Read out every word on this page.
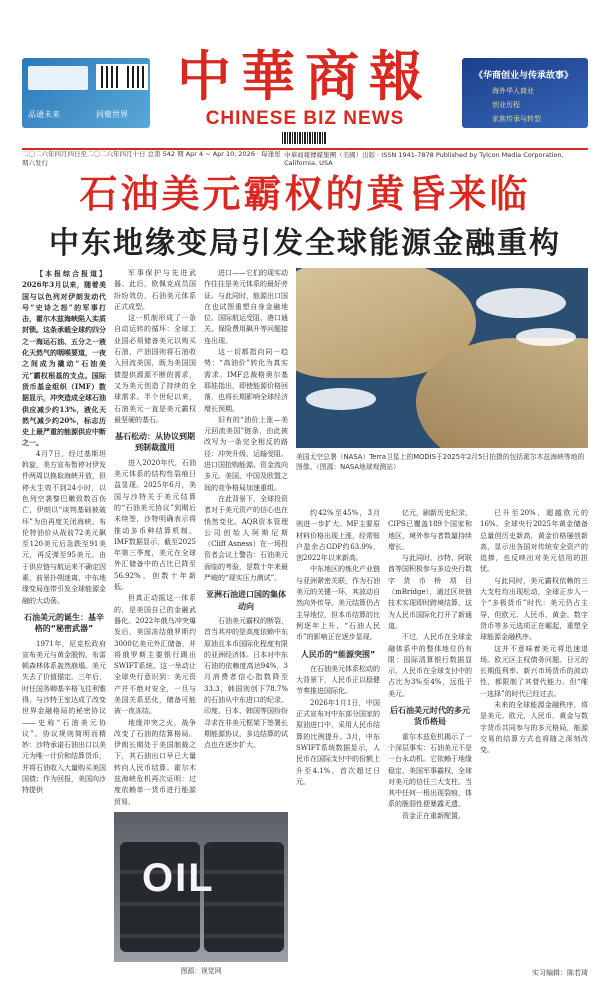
品通未来	同聚世界
中華商報
CHINESE BIZ NEWS
《华商创业与传承故事》
海外华人商业
创业历程
家族传承与转型
二〇二六年四月四日至二〇二六年四月十日 总第 542 期 Apr 4 ~ Apr 10, 2026 · 每逢星期六发行
中華商報傳媒集團（美國）出版 · ISSN 1941-7878 Published by Tylcon Media Corporation, California, USA
石油美元霸权的黄昏来临
中东地缘变局引发全球能源金融重构

【本报综合报道】2026年3月以来，随着美国与以色列对伊朗发动代号“史诗之怒”的军事打击，霍尔木兹海峡陷入实质封锁。这条承载全球约四分之一海运石油、五分之一液化天然气的咽喉要道，一夜之间成为撬动“石油美元”霸权根基的支点。国际货币基金组织（IMF）数据显示，冲突造成全球石油供应减少约13%，液化天然气减少约20%，标志历史上最严重的能源供应中断之一。

4月7日，经过基斯坦斡旋，美方宣布暂停对伊发件两周以换取海峡开放，但停火生效不到24小时，以色列空袭黎巴嫩致数百伤亡，伊朗以“谈判基础被破坏”为由再度关闭海峡。布伦特油价从战前72美元飙至120美元后急跌至91美元，再反弹至95美元。由于供应链与航运来不确定因素，前景扑朔迷离，中东地缘变局连带引发全球能源金融的大动荡。

石油美元的诞生：基辛格的“秘密武器”

1971年，尼克松政府宣布美元与黄金脱钩，布雷顿森林体系轰然崩塌。美元失去了价值锚定。三年后，时任国务卿基辛格飞往利雅得，与沙特王室达成了改变世界金融格局的秘密协议——史称“石油美元协议”。协议规则简明而精妙：沙特承诺石油出口以美元为唯一计价和结算货币，并将石油收入大量购买美国国债；作为回报，美国向沙特提供

军事保护与先进武器。此后，欧佩克成员国纷纷效仿，石油美元体系正式成型。

这一机制形成了一条自动运转的循环：全球工业国必须储备美元以购买石油，产油国则将石油收入回流美国，既为美国国债提供源源不断的需求，又为美元创造了持续的全球需求。半个世纪以来，石油美元一直是美元霸权最坚硬的基石。

基石松动：从协议到期到制裁滥用

进入2020年代，石油美元体系的结构性裂痕日益显现。2025年6月，美国与沙特关于美元结算的“石油美元协议”到期后未续签，沙特明确表示将推动多币种结算机制。IMF数据显示，截至2025年第三季度，美元在全球外汇储备中的占比已降至56.92%，创数十年新低。

但真正动摇这一体系的，是美国自己的金融武器化。2022年俄乌冲突爆发后，美国冻结俄罗斯约3000亿美元外汇储备，并将俄罗斯主要银行踢出SWIFT系统。这一举动让全球央行意识到：美元资产并不绝对安全，一旦与美国关系恶化，储备可能被一夜冻结。

地缘冲突之火，战争改变了石油的结算格局。伊朗长期处于美国制裁之下，其石油出口早已大量转向人民币结算。霍尔木兹海峡危机再次证明：过度依赖单一货币进行能源贸易，

进口——它们的现实动作往往是美元体系的最好旁证。与此同时，能源出口国在也试图重塑自身金融地位。国际航运受阻、港口通关、保险费用飙升等问题接连出现。

这一切都指向同一趋势：“高油价”转化为真实需求。IMF总裁格奥尔基耶娃指出，即使能源价格回落，也将长期影响全球经济增长预期。

旧有的“油价上涨—美元回流美国”链条，由此被改写为一条完全相反的路径：冲突升级、运输受阻、进口国抢购能源、资金流向多元。美国、中国及欧盟之间的竞争格局加速重组。

在此背景下，全球投资者对于美元资产的信心也在悄然变化。AQR资本管理公司创始人阿斯尼斯（Cliff Asness）在一场投资者会议上警告：石油美元面临的考验，是数十年来最严峻的“现实压力测试”。

亚洲石油进口国的集体动向

石油美元霸权的断裂，首当其冲的是高度依赖中东原油且本币国际化程度有限的亚洲经济体。日本对中东石油的依赖度高达94%，3月消费者信心指数降至33.3，韩国则创下78.7%的石油从中东进口的纪录。印度、日本、韩国等国纷纷寻求在非美元框架下签署长期能源协议，多边结算的试点也在逐步扩大。

美国太空总署（NASA）Terra卫星上的MODIS于2025年2月5日拍摄的包括霍尔木兹海峡等地的图像。（图源：NASA地球观测站）

约42%至45%，3月则进一步扩大。MF主要原材料价格出现上涨，经常账户盈余占GDP约63.9%，创2022年以来新高。

中东地区的炼化产业链与亚洲紧密关联，作为石油美元的关键一环，其波动自然向外传导。美元结算仍占主导地位，但本币结算的比例逐年上升，“石油人民币”的影响正在逐步显现。

人民币的“能源突围”

在石油美元体系松动的大背景下，人民币正以稳健节奏推进国际化。

2026年1月1日，中国正式宣布对中东部分国家的原油进口中，采用人民币结算的比例提升。3月，中东SWIFT系统数据显示，人民币在国际支付中的份额上升至4.1%，首次超过日元。

亿元，刷新历史纪录，CIPS已覆盖189个国家和地区，境外参与者数量持续增长。

与此同时，沙特、阿联酋等国积极参与多边央行数字货币桥项目（mBridge），通过区块链技术实现即时跨境结算，这为人民币国际化打开了新通道。

不过，人民币在全球金融体系中的整体地位仍有限：国际清算银行数据显示，人民币在全球支付中的占比为3%至4%，远低于美元。

后石油美元时代的多元货币格局

霍尔木兹危机揭示了一个深层事实：石油美元不是一台永动机。它依赖于地缘稳定、美国军事霸权、全球对美元的信任三大支柱。当其中任何一根出现裂痕，体系的脆弱性便暴露无遗。

资金正在重新配置。

已升至20%，超越欧元的16%。全球央行2025年黄金储备总量创历史新高，黄金价格屡创新高，显示出各国对传统安全资产的追捧，也反映出对美元信用的担忧。

与此同时，美元霸权依赖的三大支柱均出现松动，全球正步入一个“多极货币”时代：美元仍占主导，但欧元、人民币、黄金、数字货币等多元选项正在崛起，重塑全球能源金融秩序。

这并不意味着美元将迅速退场。欧元区主权债务问题、日元的长期低利率、新兴市场货币的波动性，都限制了其替代能力。但“唯一选择”的时代已经过去。

未来的全球能源金融秩序，将是美元、欧元、人民币、黄金与数字货币共同参与的多元格局，能源交易的结算方式也将随之深刻改变。

OIL
图源：视觉网	实习编辑：陈若琦
